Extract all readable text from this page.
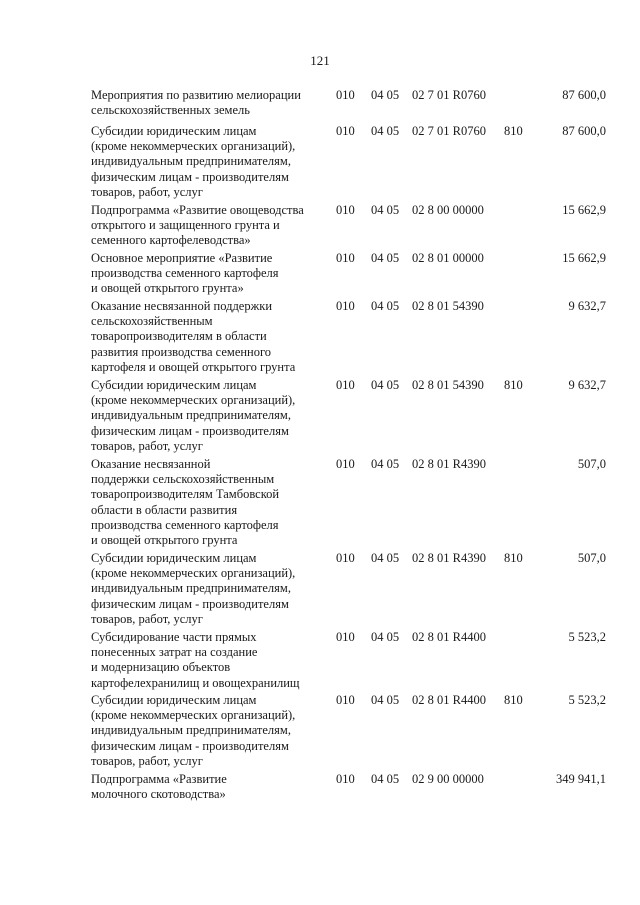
121
Мероприятия по развитию мелиорации
сельскохозяйственных земель
010 04 05 02 7 01 R0760	87 600,0
Субсидии юридическим лицам
(кроме некоммерческих организаций),
индивидуальным предпринимателям,
физическим лицам - производителям
товаров, работ, услуг
010 04 05 02 7 01 R0760 810	87 600,0
Подпрограмма «Развитие овощеводства
открытого и защищенного грунта и
семенного картофелеводства»
010 04 05 02 8 00 00000	15 662,9
Основное мероприятие «Развитие
производства семенного картофеля
и овощей открытого грунта»
010 04 05 02 8 01 00000	15 662,9
Оказание несвязанной поддержки
сельскохозяйственным
товаропроизводителям в области
развития производства семенного
картофеля и овощей открытого грунта
010 04 05 02 8 01 54390	9 632,7
Субсидии юридическим лицам
(кроме некоммерческих организаций),
индивидуальным предпринимателям,
физическим лицам - производителям
товаров, работ, услуг
010 04 05 02 8 01 54390 810	9 632,7
Оказание несвязанной
поддержки сельскохозяйственным
товаропроизводителям Тамбовской
области в области развития
производства семенного картофеля
и овощей открытого грунта
010 04 05 02 8 01 R4390	507,0
Субсидии юридическим лицам
(кроме некоммерческих организаций),
индивидуальным предпринимателям,
физическим лицам - производителям
товаров, работ, услуг
010 04 05 02 8 01 R4390 810	507,0
Субсидирование части прямых
понесенных затрат на создание
и модернизацию объектов
картофелехранилищ и овощехранилищ
010 04 05 02 8 01 R4400	5 523,2
Субсидии юридическим лицам
(кроме некоммерческих организаций),
индивидуальным предпринимателям,
физическим лицам - производителям
товаров, работ, услуг
010 04 05 02 8 01 R4400 810	5 523,2
Подпрограмма «Развитие
молочного скотоводства»
010 04 05 02 9 00 00000	349 941,1
